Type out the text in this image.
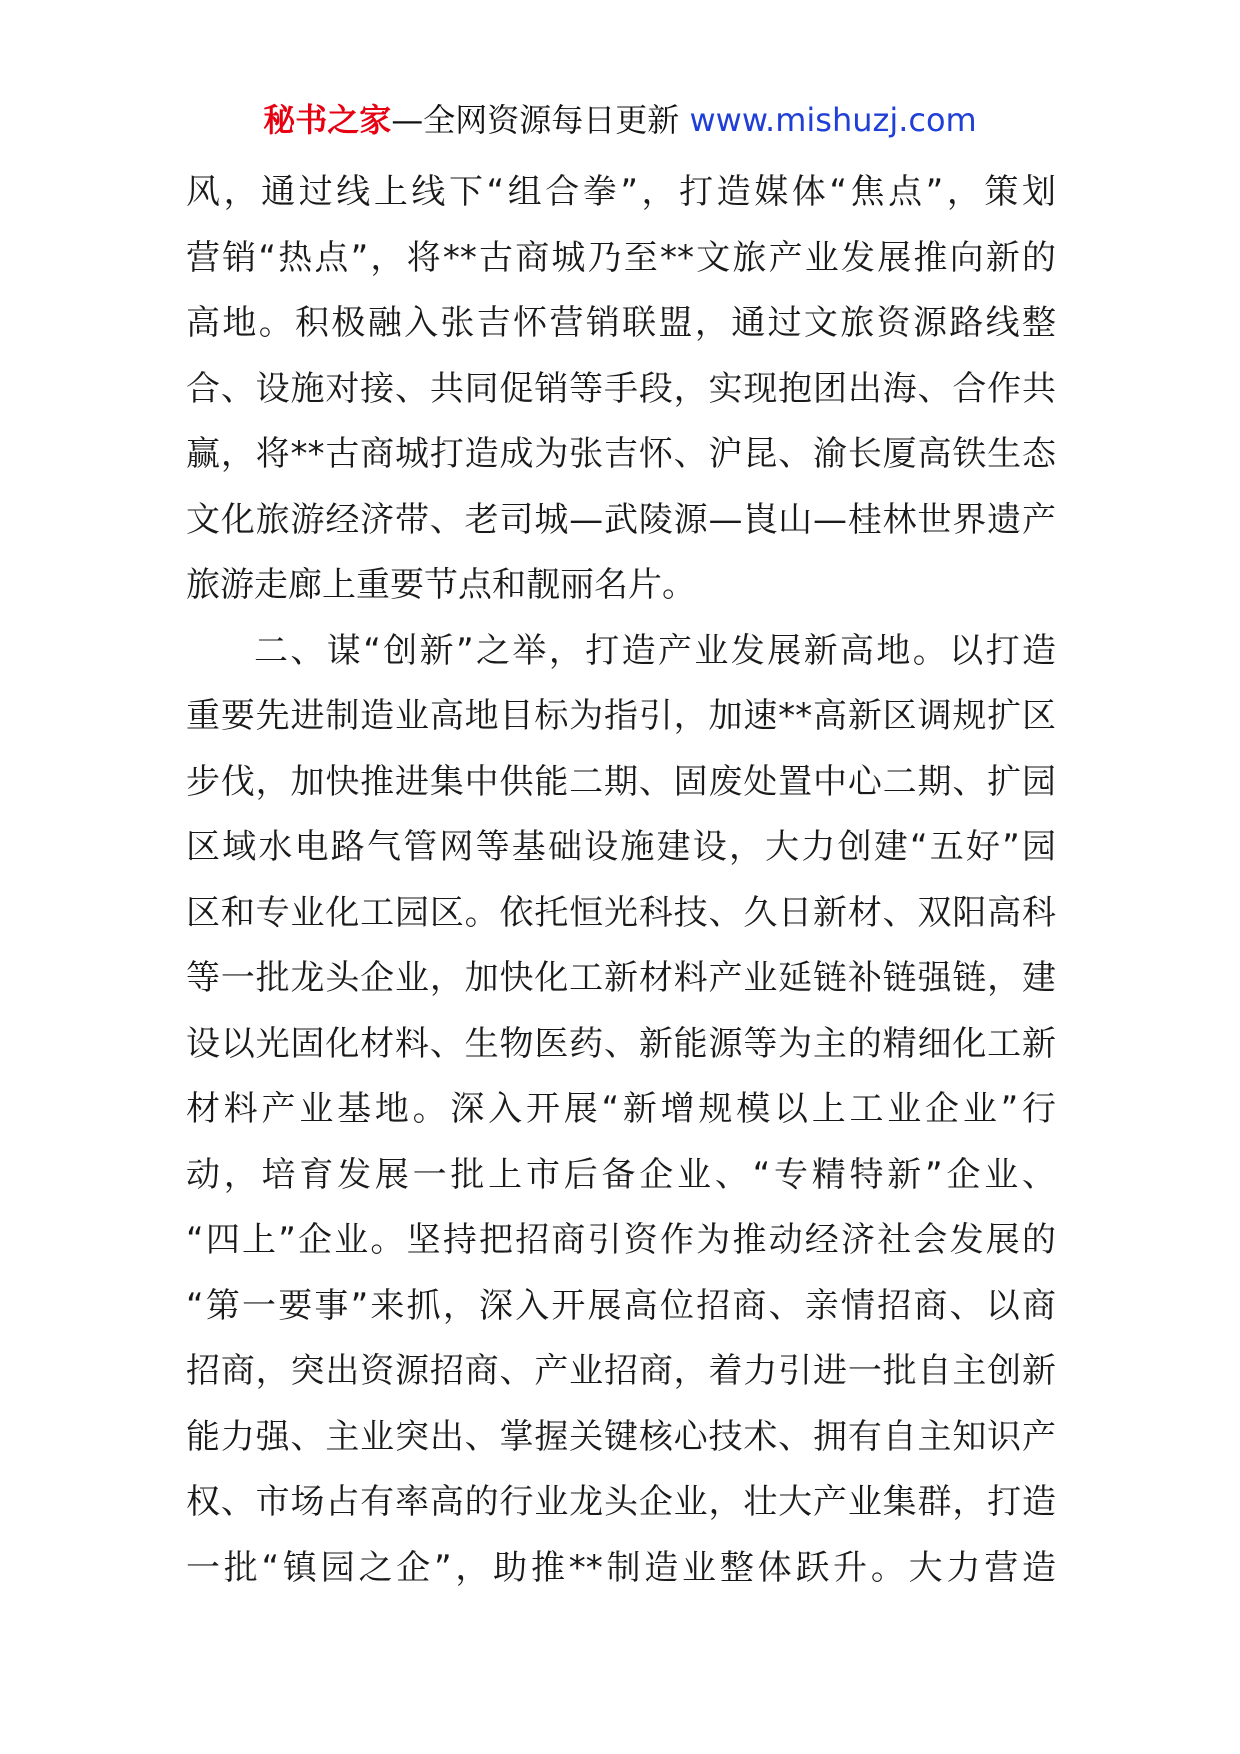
秘书之家—全网资源每日更新 www.mishuzj.com
风，通过线上线下“组合拳”，打造媒体“焦点”，策划
营销“热点”，将**古商城乃至**文旅产业发展推向新的
高地。积极融入张吉怀营销联盟，通过文旅资源路线整
合、设施对接、共同促销等手段，实现抱团出海、合作共
赢，将**古商城打造成为张吉怀、沪昆、渝长厦高铁生态
文化旅游经济带、老司城—武陵源—崀山—桂林世界遗产
旅游走廊上重要节点和靓丽名片。
二、谋“创新”之举，打造产业发展新高地。以打造
重要先进制造业高地目标为指引，加速**高新区调规扩区
步伐，加快推进集中供能二期、固废处置中心二期、扩园
区域水电路气管网等基础设施建设，大力创建“五好”园
区和专业化工园区。依托恒光科技、久日新材、双阳高科
等一批龙头企业，加快化工新材料产业延链补链强链，建
设以光固化材料、生物医药、新能源等为主的精细化工新
材料产业基地。深入开展“新增规模以上工业企业”行
动，培育发展一批上市后备企业、“专精特新”企业、
“四上”企业。坚持把招商引资作为推动经济社会发展的
“第一要事”来抓，深入开展高位招商、亲情招商、以商
招商，突出资源招商、产业招商，着力引进一批自主创新
能力强、主业突出、掌握关键核心技术、拥有自主知识产
权、市场占有率高的行业龙头企业，壮大产业集群，打造
一批“镇园之企”，助推**制造业整体跃升。大力营造
